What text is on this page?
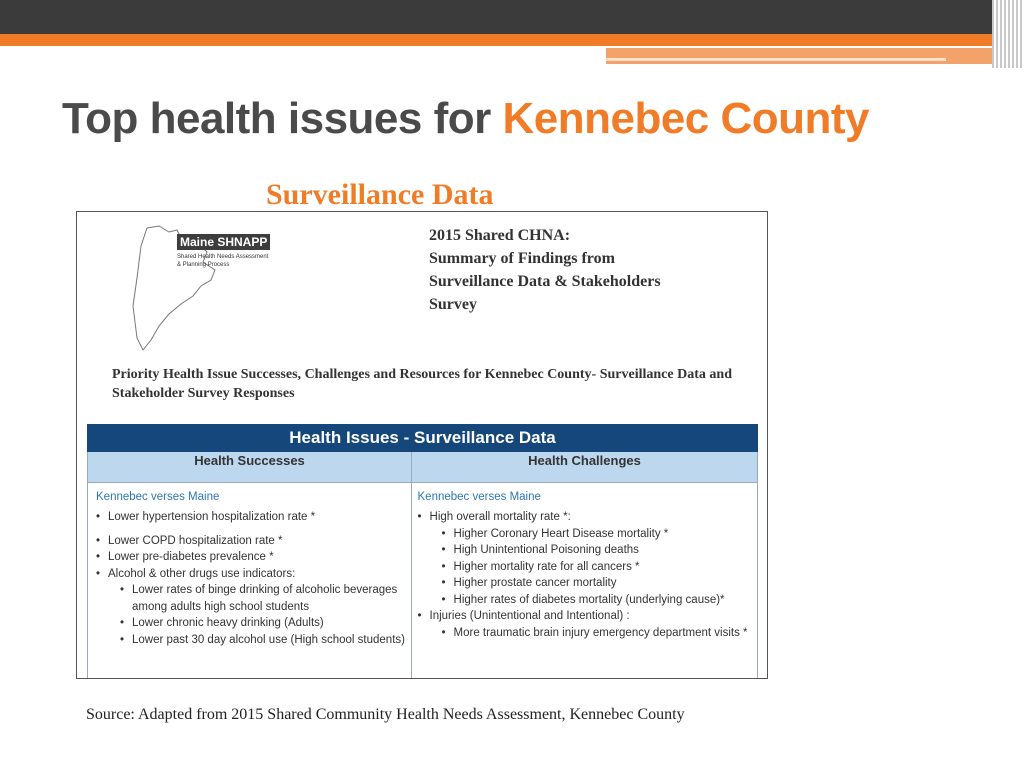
Top health issues for Kennebec County
Surveillance Data
Maine SHNAPP
Shared Health Needs Assessment
& Planning Process
2015 Shared CHNA:
Summary of Findings from
Surveillance Data & Stakeholders
Survey
Priority Health Issue Successes, Challenges and Resources for Kennebec County- Surveillance Data and Stakeholder Survey Responses
Health Issues - Surveillance Data
Health Successes	Health Challenges
Kennebec verses Maine
• Lower hypertension hospitalization rate *
• Lower COPD hospitalization rate *
• Lower pre-diabetes prevalence *
• Alcohol & other drugs use indicators:
• Lower rates of binge drinking of alcoholic beverages among adults high school students
• Lower chronic heavy drinking (Adults)
• Lower past 30 day alcohol use (High school students)
Kennebec verses Maine
• High overall mortality rate *:
• Higher Coronary Heart Disease mortality *
• High Unintentional Poisoning deaths
• Higher mortality rate for all cancers *
• Higher prostate cancer mortality
• Higher rates of diabetes mortality (underlying cause)*
• Injuries (Unintentional and Intentional) :
• More traumatic brain injury emergency department visits *
Source: Adapted from 2015 Shared Community Health Needs Assessment, Kennebec County
